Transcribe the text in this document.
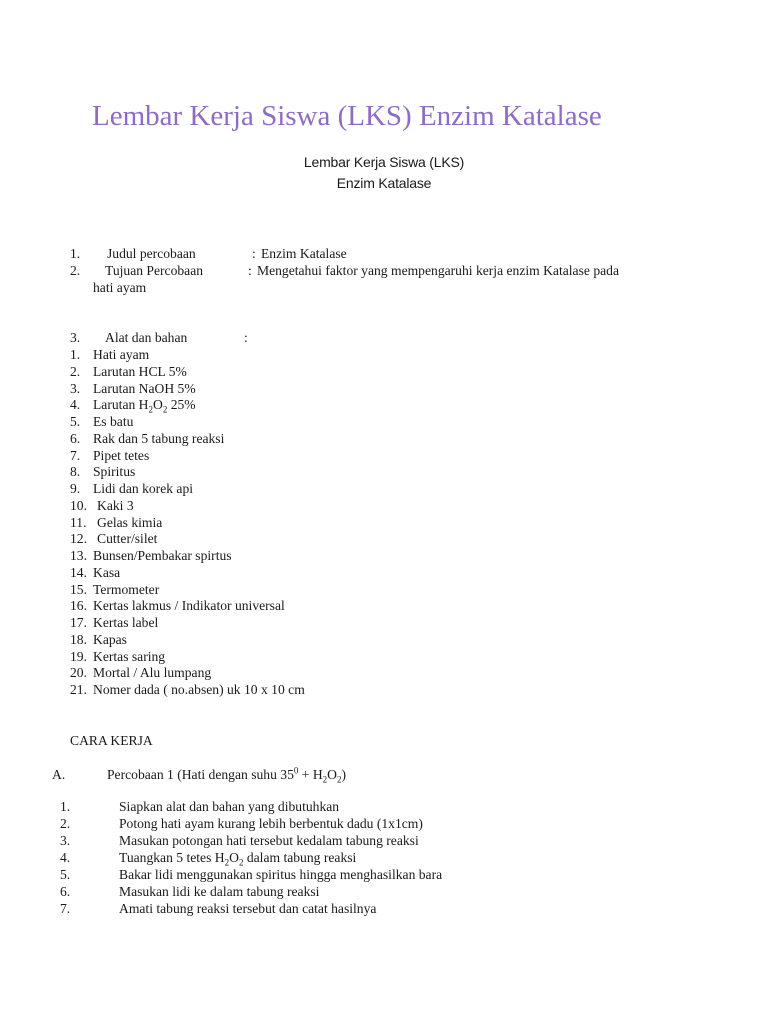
Lembar Kerja Siswa (LKS) Enzim Katalase
Lembar Kerja Siswa (LKS)
Enzim Katalase
1. Judul percobaan	: Enzim Katalase
2. Tujuan Percobaan	: Mengetahui faktor yang mempengaruhi kerja enzim Katalase pada
hati ayam
3. Alat dan bahan	:
1. Hati ayam
2. Larutan HCL 5%
3. Larutan NaOH 5%
4. Larutan $H_2O_2$ 25%
5. Es batu
6. Rak dan 5 tabung reaksi
7. Pipet tetes
8. Spiritus
9. Lidi dan korek api
10. Kaki 3
11. Gelas kimia
12. Cutter/silet
13. Bunsen/Pembakar spirtus
14. Kasa
15. Termometer
16. Kertas lakmus / Indikator universal
17. Kertas label
18. Kapas
19. Kertas saring
20. Mortal / Alu lumpang
21. Nomer dada ( no.absen) uk 10 x 10 cm
CARA KERJA
A.	Percobaan 1 (Hati dengan suhu $35^0 + H_2O_2$)
1.	Siapkan alat dan bahan yang dibutuhkan
2.	Potong hati ayam kurang lebih berbentuk dadu (1x1cm)
3.	Masukan potongan hati tersebut kedalam tabung reaksi
4.	Tuangkan 5 tetes $H_2O_2$ dalam tabung reaksi
5.	Bakar lidi menggunakan spiritus hingga menghasilkan bara
6.	Masukan lidi ke dalam tabung reaksi
7.	Amati tabung reaksi tersebut dan catat hasilnya
